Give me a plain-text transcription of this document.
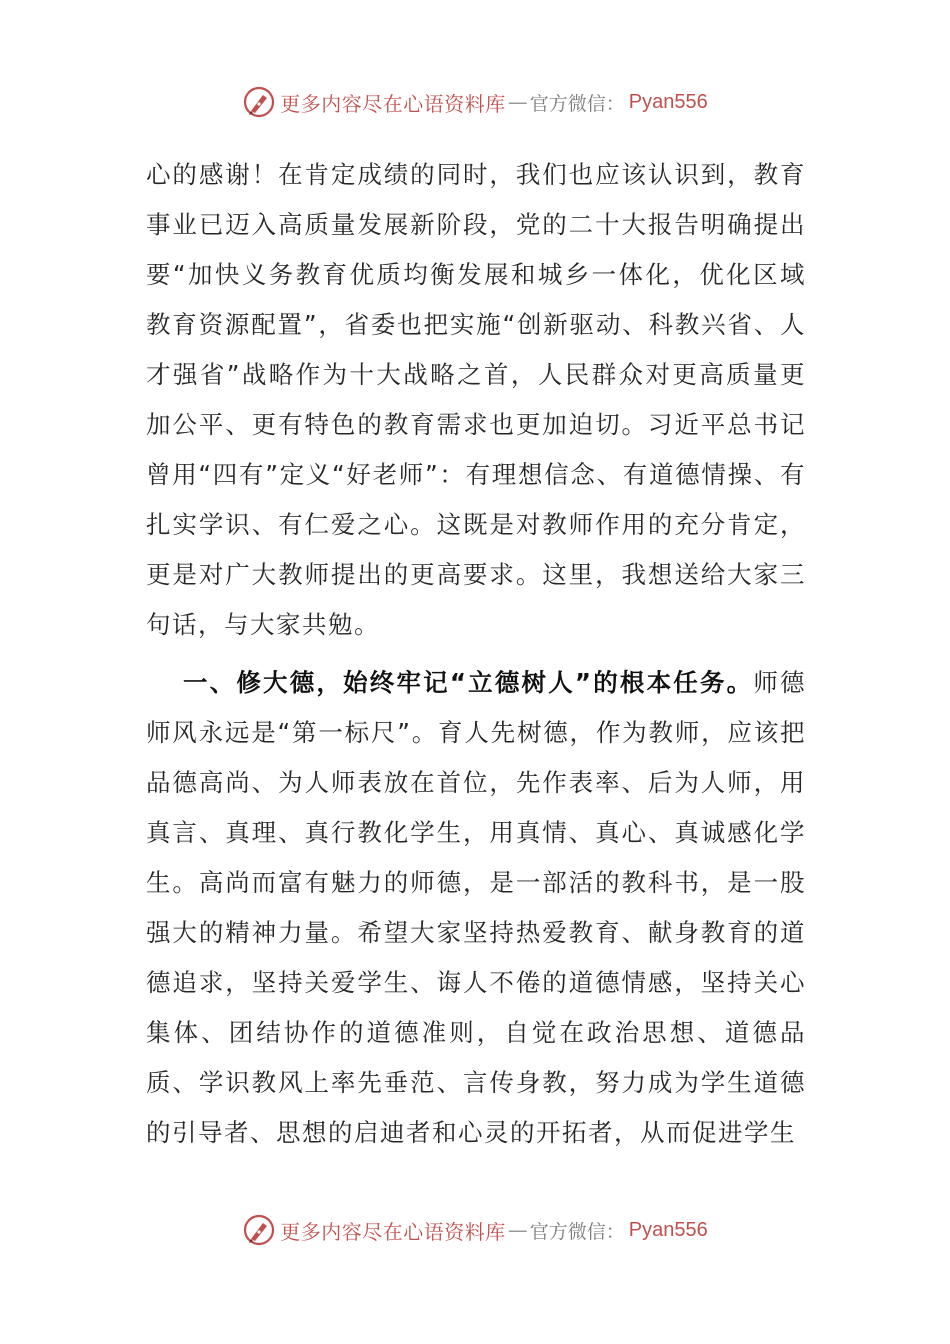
更多内容尽在心语资料库 — 官方微信： Pyan556

心的感谢！在肯定成绩的同时，我们也应该认识到，教育事业已迈入高质量发展新阶段，党的二十大报告明确提出要“加快义务教育优质均衡发展和城乡一体化，优化区域教育资源配置”，省委也把实施“创新驱动、科教兴省、人才强省”战略作为十大战略之首，人民群众对更高质量更加公平、更有特色的教育需求也更加迫切。习近平总书记曾用“四有”定义“好老师”：有理想信念、有道德情操、有扎实学识、有仁爱之心。这既是对教师作用的充分肯定，更是对广大教师提出的更高要求。这里，我想送给大家三句话，与大家共勉。

一、修大德，始终牢记“立德树人”的根本任务。师德师风永远是“第一标尺”。育人先树德，作为教师，应该把品德高尚、为人师表放在首位，先作表率、后为人师，用真言、真理、真行教化学生，用真情、真心、真诚感化学生。高尚而富有魅力的师德，是一部活的教科书，是一股强大的精神力量。希望大家坚持热爱教育、献身教育的道德追求，坚持关爱学生、诲人不倦的道德情感，坚持关心集体、团结协作的道德准则，自觉在政治思想、道德品质、学识教风上率先垂范、言传身教，努力成为学生道德的引导者、思想的启迪者和心灵的开拓者，从而促进学生

更多内容尽在心语资料库 — 官方微信： Pyan556
